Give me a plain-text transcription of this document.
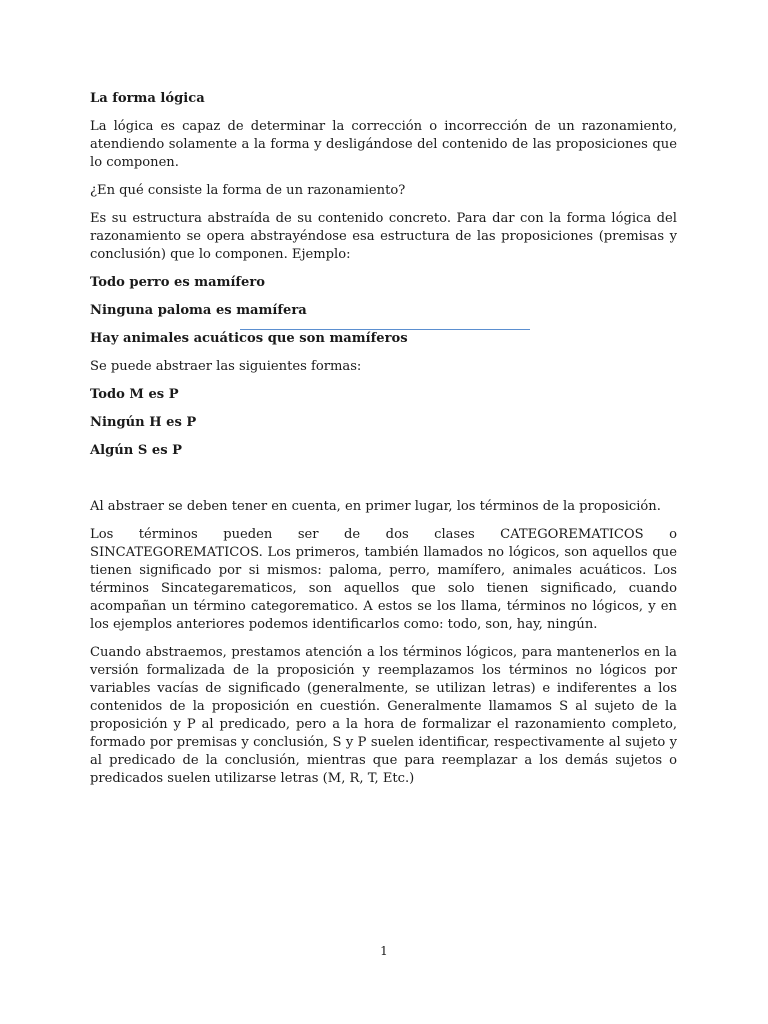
La forma lógica

La lógica es capaz de determinar la corrección o incorrección de un razonamiento, atendiendo solamente a la forma y desligándose del contenido de las proposiciones que lo componen.

¿En qué consiste la forma de un razonamiento?

Es su estructura abstraída de su contenido concreto. Para dar con la forma lógica del razonamiento se opera abstrayéndose esa estructura de las proposiciones (premisas y conclusión) que lo componen. Ejemplo:

Todo perro es mamífero
Ninguna paloma es mamífera
Hay animales acuáticos que son mamíferos

Se puede abstraer las siguientes formas:

Todo M es P
Ningún H es P
Algún S es P

Al abstraer se deben tener en cuenta, en primer lugar, los términos de la proposición.

Los términos pueden ser de dos clases CATEGOREMATICOS o SINCATEGOREMATICOS. Los primeros, también llamados no lógicos, son aquellos que tienen significado por si mismos: paloma, perro, mamífero, animales acuáticos. Los términos Sincategarematicos, son aquellos que solo tienen significado, cuando acompañan un término categorematico. A estos se los llama, términos no lógicos, y en los ejemplos anteriores podemos identificarlos como: todo, son, hay, ningún.

Cuando abstraemos, prestamos atención a los términos lógicos, para mantenerlos en la versión formalizada de la proposición y reemplazamos los términos no lógicos por variables vacías de significado (generalmente, se utilizan letras) e indiferentes a los contenidos de la proposición en cuestión. Generalmente llamamos S al sujeto de la proposición y P al predicado, pero a la hora de formalizar el razonamiento completo, formado por premisas y conclusión, S y P suelen identificar, respectivamente al sujeto y al predicado de la conclusión, mientras que para reemplazar a los demás sujetos o predicados suelen utilizarse letras (M, R, T, Etc.)

1
